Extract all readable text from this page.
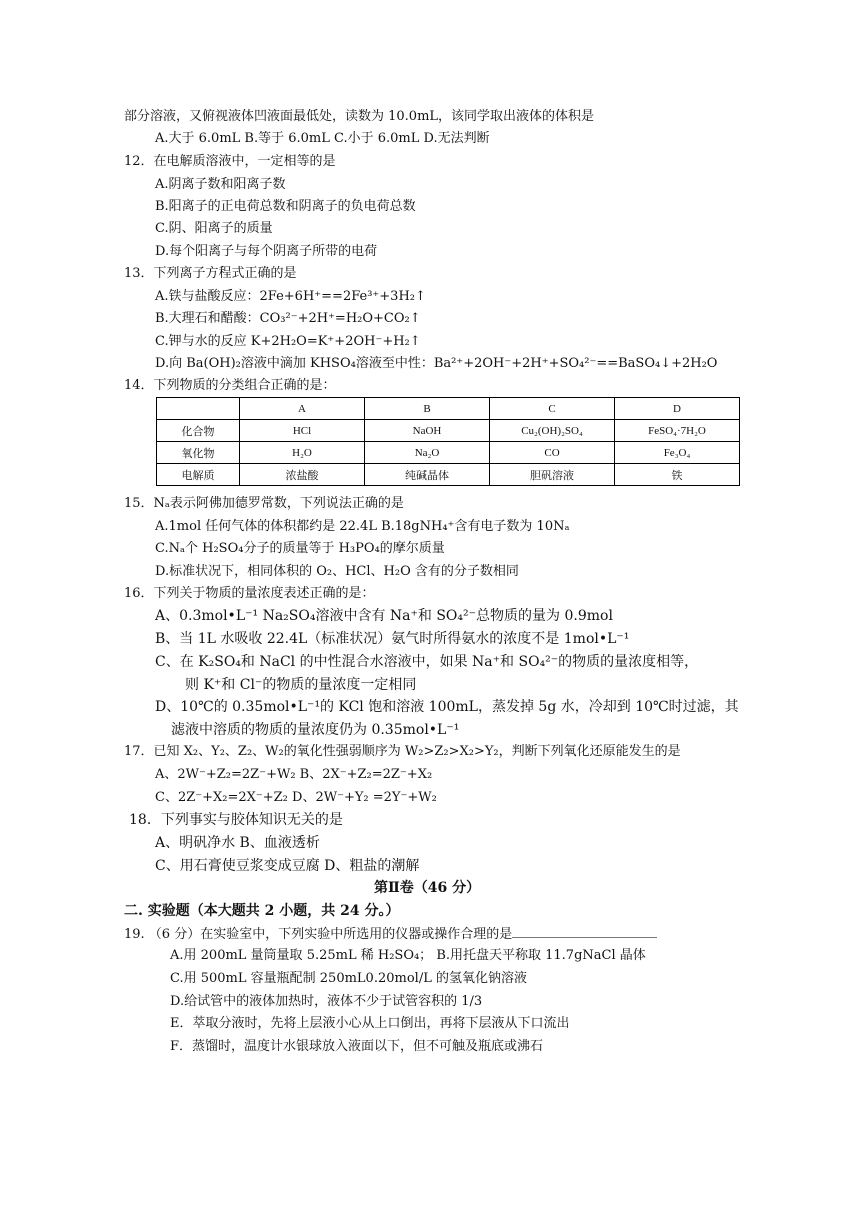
部分溶液，又俯视液体凹液面最低处，读数为 10.0mL，该同学取出液体的体积是
A.大于 6.0mL B.等于 6.0mL C.小于 6.0mL D.无法判断
12．在电解质溶液中，一定相等的是
A.阴离子数和阳离子数
B.阳离子的正电荷总数和阴离子的负电荷总数
C.阴、阳离子的质量
D.每个阳离子与每个阴离子所带的电荷
13．下列离子方程式正确的是
A.铁与盐酸反应：2Fe+6H⁺==2Fe³⁺+3H₂↑
B.大理石和醋酸：CO₃²⁻+2H⁺=H₂O+CO₂↑
C.钾与水的反应 K+2H₂O=K⁺+2OH⁻+H₂↑
D.向 Ba(OH)₂溶液中滴加 KHSO₄溶液至中性：Ba²⁺+2OH⁻+2H⁺+SO₄²⁻==BaSO₄↓+2H₂O
14．下列物质的分类组合正确的是：
	A	B	C	D
化合物	HCl	NaOH	Cu₂(OH)₂SO₄	FeSO₄·7H₂O
氧化物	H₂O	Na₂O	CO	Fe₃O₄
电解质	浓盐酸	纯碱晶体	胆矾溶液	铁
15．Nₐ表示阿佛加德罗常数，下列说法正确的是
A.1mol 任何气体的体积都约是 22.4L B.18gNH₄⁺含有电子数为 10Nₐ
C.Nₐ个 H₂SO₄分子的质量等于 H₃PO₄的摩尔质量
D.标准状况下，相同体积的 O₂、HCl、H₂O 含有的分子数相同
16．下列关于物质的量浓度表述正确的是：
A、0.3mol•L⁻¹ Na₂SO₄溶液中含有 Na⁺和 SO₄²⁻总物质的量为 0.9mol
B、当 1L 水吸收 22.4L（标准状况）氨气时所得氨水的浓度不是 1mol•L⁻¹
C、在 K₂SO₄和 NaCl 的中性混合水溶液中，如果 Na⁺和 SO₄²⁻的物质的量浓度相等，
则 K⁺和 Cl⁻的物质的量浓度一定相同
D、10℃的 0.35mol•L⁻¹的 KCl 饱和溶液 100mL，蒸发掉 5g 水，冷却到 10℃时过滤，其
滤液中溶质的物质的量浓度仍为 0.35mol•L⁻¹
17．已知 X₂、Y₂、Z₂、W₂的氧化性强弱顺序为 W₂>Z₂>X₂>Y₂，判断下列氧化还原能发生的是
A、2W⁻+Z₂=2Z⁻+W₂ B、2X⁻+Z₂=2Z⁻+X₂
C、2Z⁻+X₂=2X⁻+Z₂ D、2W⁻+Y₂ =2Y⁻+W₂
18．下列事实与胶体知识无关的是
A、明矾净水 B、血液透析
C、用石膏使豆浆变成豆腐 D、粗盐的潮解
第Ⅱ卷（46 分）
二. 实验题（本大题共 2 小题，共 24 分。）
19. （6 分）在实验室中，下列实验中所选用的仪器或操作合理的是
A.用 200mL 量筒量取 5.25mL 稀 H₂SO₄； B.用托盘天平称取 11.7gNaCl 晶体
C.用 500mL 容量瓶配制 250mL0.20mol/L 的氢氧化钠溶液
D.给试管中的液体加热时，液体不少于试管容积的 1/3
E．萃取分液时，先将上层液小心从上口倒出，再将下层液从下口流出
F．蒸馏时，温度计水银球放入液面以下，但不可触及瓶底或沸石
